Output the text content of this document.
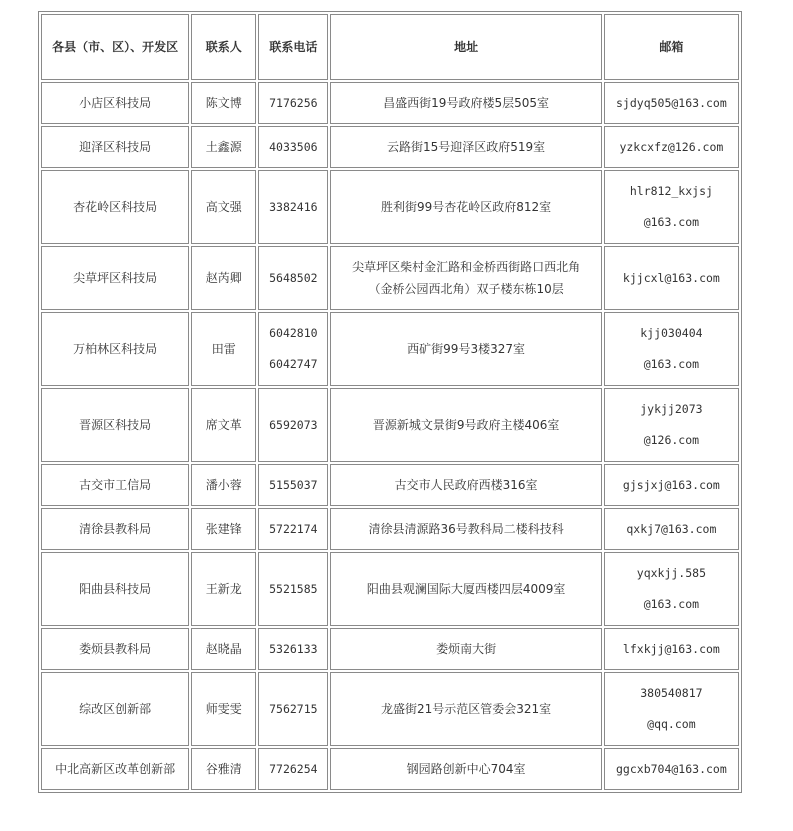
各县（市、区）、开发区	联系人	联系电话	地址	邮箱
小店区科技局	陈文博	7176256	昌盛西街19号政府楼5层505室	sjdyq505@163.com

迎泽区科技局	土鑫源	4033506	云路街15号迎泽区政府519室	yzkcxfz@126.com

杏花岭区科技局	高文强	3382416	胜利街99号杏花岭区政府812室	hlr812_kxjsj
@163.com

尖草坪区科技局	赵芮卿	5648502	尖草坪区柴村金汇路和金桥西街路口西北角
（金桥公园西北角）双子楼东栋10层	kjjcxl@163.com

万柏林区科技局	田雷	6042810
6042747	西矿街99号3楼327室	kjj030404
@163.com

晋源区科技局	席文革	6592073	晋源新城文景街9号政府主楼406室	jykjj2073
@126.com

古交市工信局	潘小蓉	5155037	古交市人民政府西楼316室	gjsjxj@163.com

清徐县教科局	张建锋	5722174	清徐县清源路36号教科局二楼科技科	qxkj7@163.com

阳曲县科技局	王新龙	5521585	阳曲县观澜国际大厦西楼四层4009室	yqxkjj.585
@163.com

娄烦县教科局	赵晓晶	5326133	娄烦南大街	lfxkjj@163.com

综改区创新部	师雯雯	7562715	龙盛街21号示范区管委会321室	380540817
@qq.com

中北高新区改革创新部	谷雅清	7726254	钢园路创新中心704室	ggcxb704@163.com
